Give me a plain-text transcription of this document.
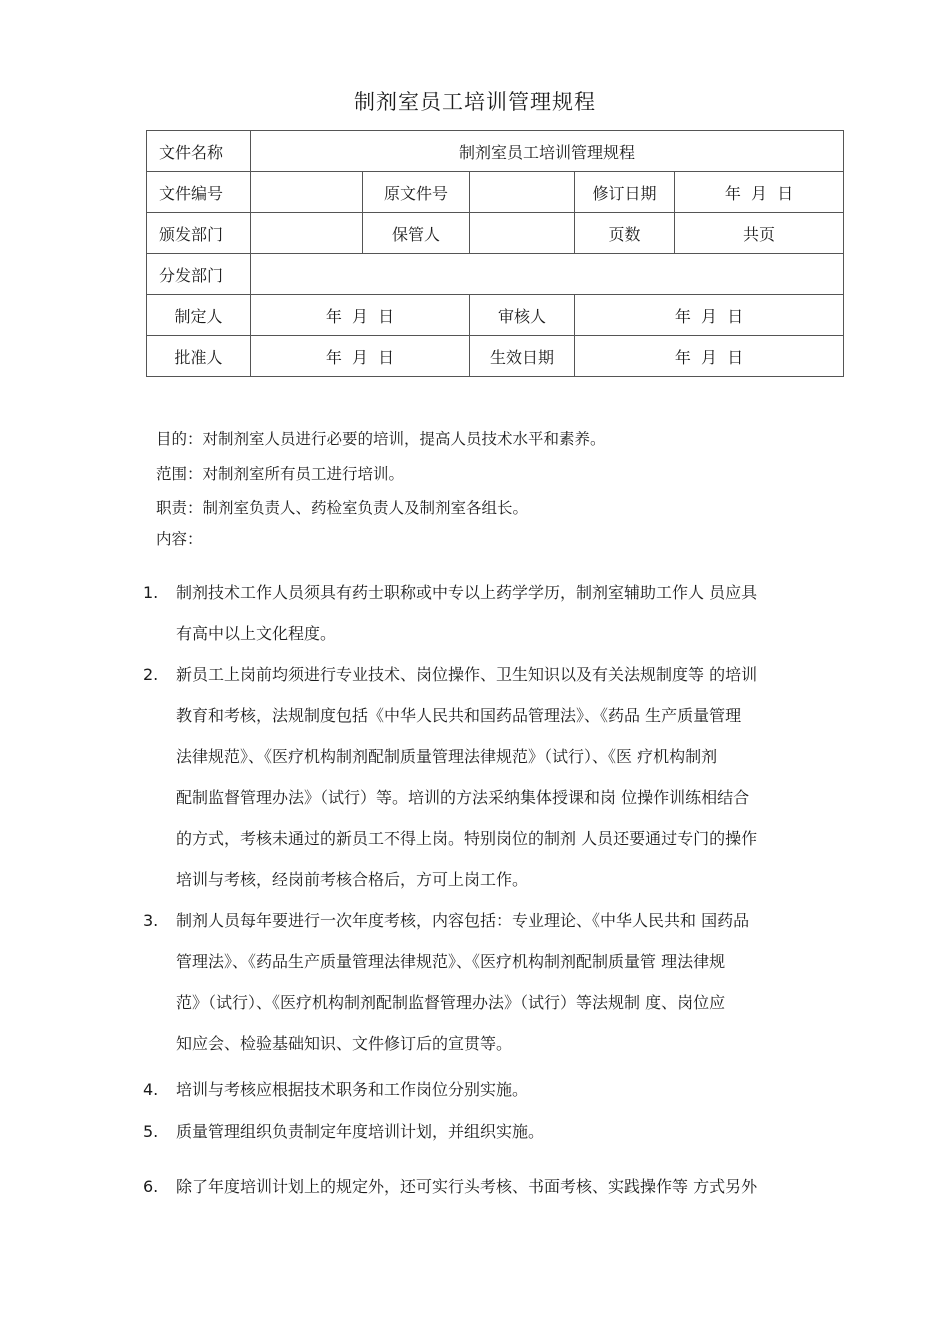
制剂室员工培训管理规程
文件名称	制剂室员工培训管理规程				
文件编号		原文件号		修订日期	年  月  日
颁发部门		保管人		页数	共页
分发部门					
制定人	年  月  日		审核人	年  月  日	
批准人	年  月  日		生效日期	年  月  日	
目的：对制剂室人员进行必要的培训，提高人员技术水平和素养。
范围：对制剂室所有员工进行培训。
职责：制剂室负责人、药检室负责人及制剂室各组长。
内容：
1.	制剂技术工作人员须具有药士职称或中专以上药学学历，制剂室辅助工作人 员应具
有高中以上文化程度。
2.	新员工上岗前均须进行专业技术、岗位操作、卫生知识以及有关法规制度等 的培训
教育和考核，法规制度包括《中华人民共和国药品管理法》、《药品 生产质量管理
法律规范》、《医疗机构制剂配制质量管理法律规范》（试行）、《医 疗机构制剂
配制监督管理办法》（试行）等。培训的方法采纳集体授课和岗 位操作训练相结合
的方式，考核未通过的新员工不得上岗。特别岗位的制剂 人员还要通过专门的操作
培训与考核，经岗前考核合格后，方可上岗工作。
3.	制剂人员每年要进行一次年度考核，内容包括：专业理论、《中华人民共和 国药品
管理法》、《药品生产质量管理法律规范》、《医疗机构制剂配制质量管 理法律规
范》（试行）、《医疗机构制剂配制监督管理办法》（试行）等法规制 度、岗位应
知应会、检验基础知识、文件修订后的宣贯等。
4.	培训与考核应根据技术职务和工作岗位分别实施。
5.	质量管理组织负责制定年度培训计划，并组织实施。
6.	除了年度培训计划上的规定外，还可实行头考核、书面考核、实践操作等 方式另外
